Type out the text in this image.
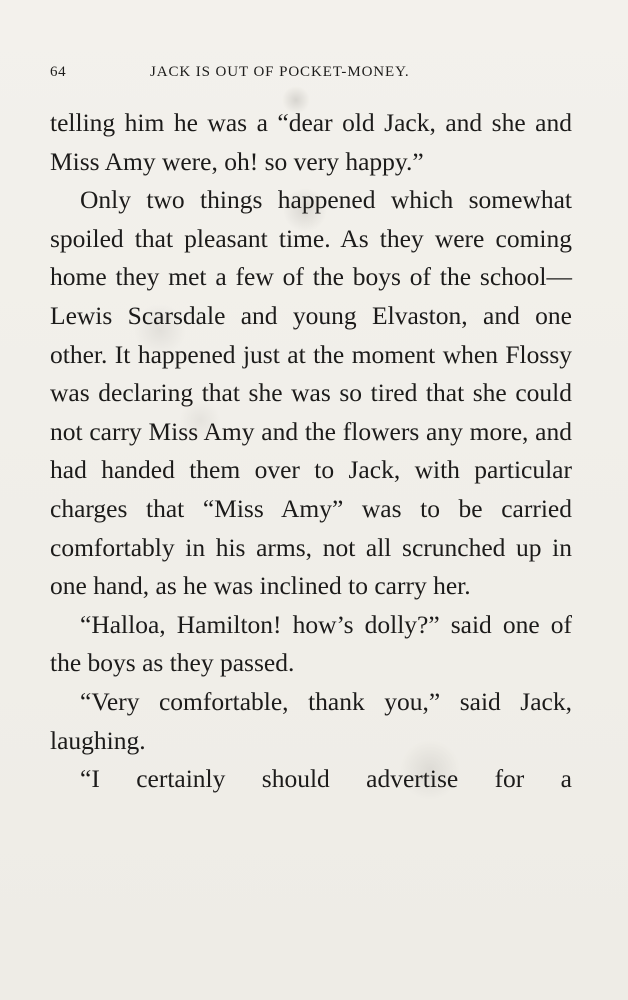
64	JACK IS OUT OF POCKET-MONEY.

telling him he was a “dear old Jack, and she and Miss Amy were, oh! so very happy.”

Only two things happened which somewhat spoiled that pleasant time. As they were coming home they met a few of the boys of the school—Lewis Scarsdale and young Elvaston, and one other. It happened just at the moment when Flossy was declaring that she was so tired that she could not carry Miss Amy and the flowers any more, and had handed them over to Jack, with particular charges that “Miss Amy” was to be carried comfortably in his arms, not all scrunched up in one hand, as he was inclined to carry her.

“Halloa, Hamilton! how’s dolly?” said one of the boys as they passed.

“Very comfortable, thank you,” said Jack, laughing.

“I certainly should advertise for a
